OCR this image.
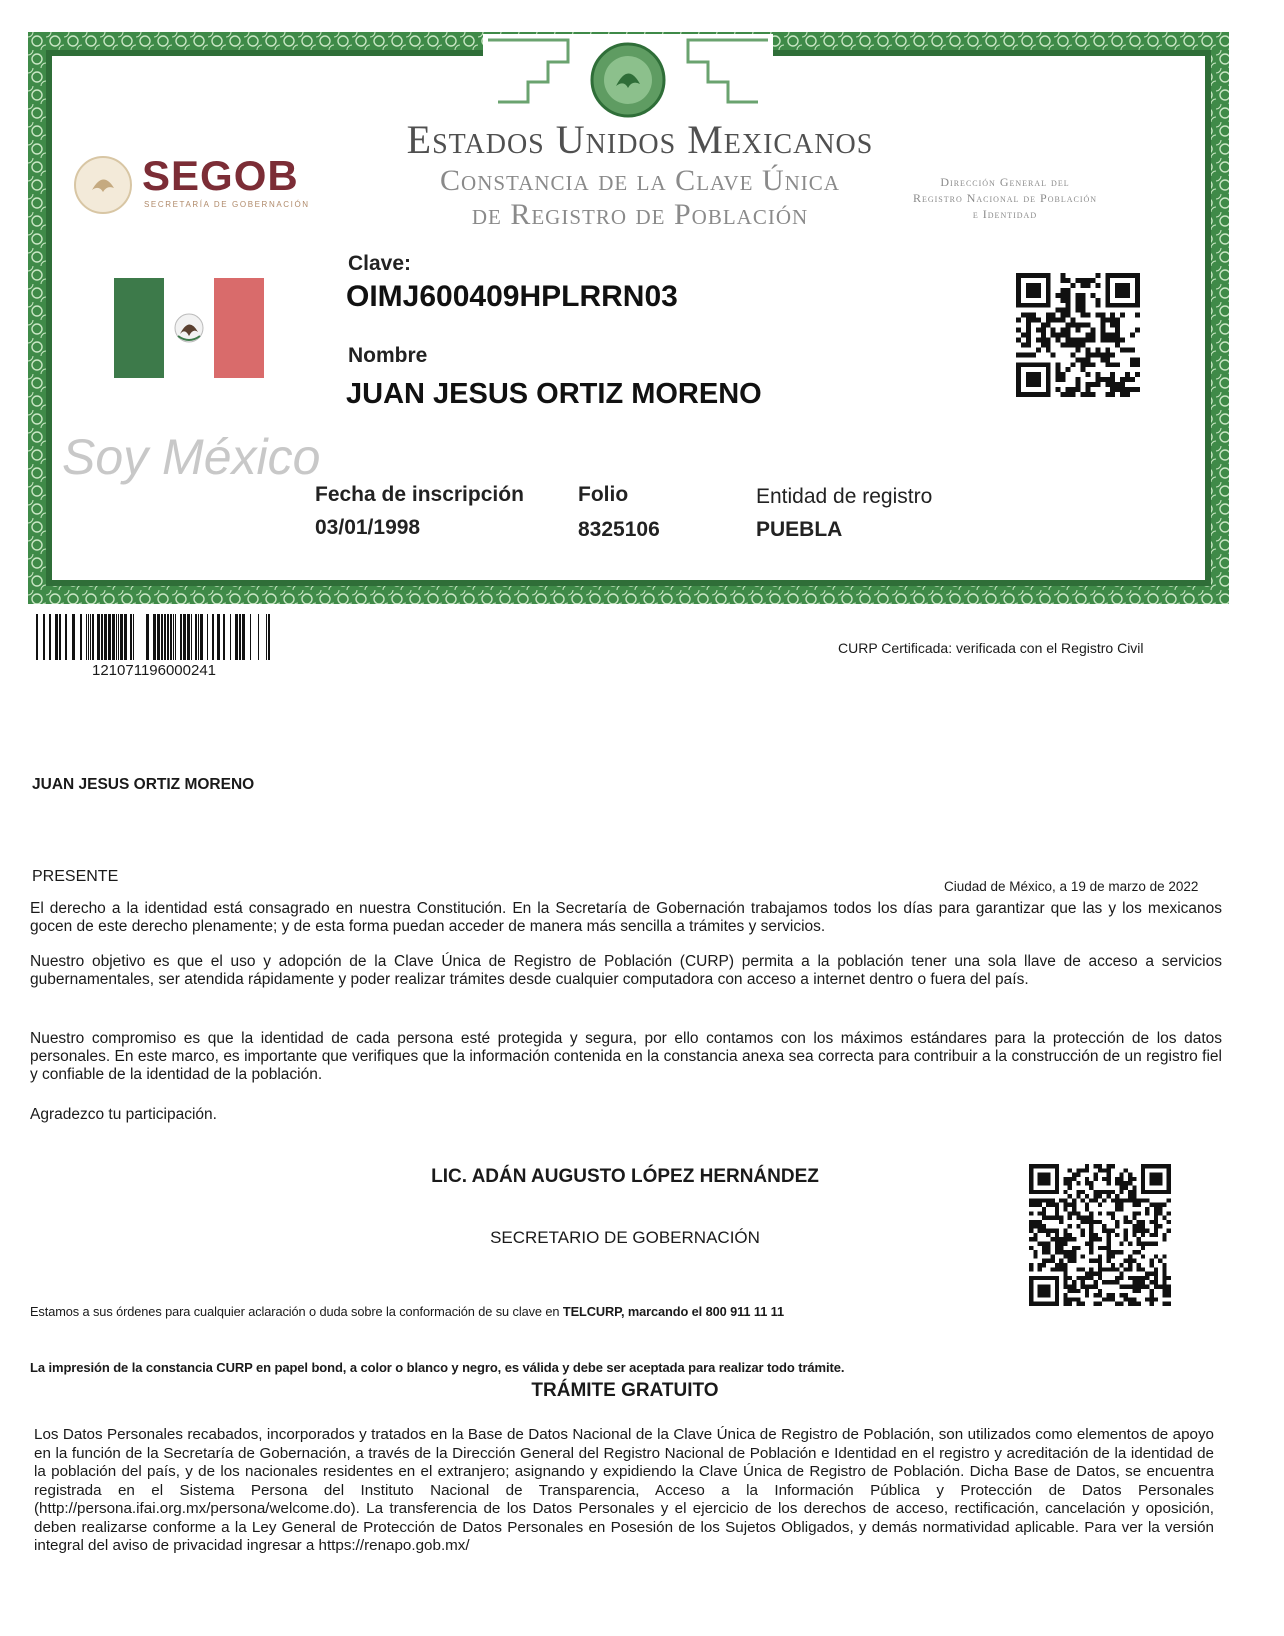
SEGOB
SECRETARÍA DE GOBERNACIÓN
Estados Unidos Mexicanos
Constancia de la Clave Única
de Registro de Población
Dirección General del
Registro Nacional de Población
e Identidad
Soy México
Clave:
OIMJ600409HPLRRN03
Nombre
JUAN JESUS ORTIZ MORENO
Fecha de inscripción
03/01/1998
Folio
8325106
Entidad de registro
PUEBLA
121071196000241
CURP Certificada: verificada con el Registro Civil
JUAN JESUS ORTIZ MORENO
PRESENTE
Ciudad de México, a 19 de marzo de 2022
El derecho a la identidad está consagrado en nuestra Constitución. En la Secretaría de Gobernación trabajamos todos los días para garantizar que las y los mexicanos gocen de este derecho plenamente; y de esta forma puedan acceder de manera más sencilla a trámites y servicios.
Nuestro objetivo es que el uso y adopción de la Clave Única de Registro de Población (CURP) permita a la población tener una sola llave de acceso a servicios gubernamentales, ser atendida rápidamente y poder realizar trámites desde cualquier computadora con acceso a internet dentro o fuera del país.
Nuestro compromiso es que la identidad de cada persona esté protegida y segura, por ello contamos con los máximos estándares para la protección de los datos personales. En este marco, es importante que verifiques que la información contenida en la constancia anexa sea correcta para contribuir a la construcción de un registro fiel y confiable de la identidad de la población.
Agradezco tu participación.
LIC. ADÁN AUGUSTO LÓPEZ HERNÁNDEZ
SECRETARIO DE GOBERNACIÓN
Estamos a sus órdenes para cualquier aclaración o duda sobre la conformación de su clave en TELCURP, marcando el 800 911 11 11
La impresión de la constancia CURP en papel bond, a color o blanco y negro, es válida y debe ser aceptada para realizar todo trámite.
TRÁMITE GRATUITO
Los Datos Personales recabados, incorporados y tratados en la Base de Datos Nacional de la Clave Única de Registro de Población, son utilizados como elementos de apoyo en la función de la Secretaría de Gobernación, a través de la Dirección General del Registro Nacional de Población e Identidad en el registro y acreditación de la identidad de la población del país, y de los nacionales residentes en el extranjero; asignando y expidiendo la Clave Única de Registro de Población. Dicha Base de Datos, se encuentra registrada en el Sistema Persona del Instituto Nacional de Transparencia, Acceso a la Información Pública y Protección de Datos Personales (http://persona.ifai.org.mx/persona/welcome.do). La transferencia de los Datos Personales y el ejercicio de los derechos de acceso, rectificación, cancelación y oposición, deben realizarse conforme a la Ley General de Protección de Datos Personales en Posesión de los Sujetos Obligados, y demás normatividad aplicable. Para ver la versión integral del aviso de privacidad ingresar a https://renapo.gob.mx/
